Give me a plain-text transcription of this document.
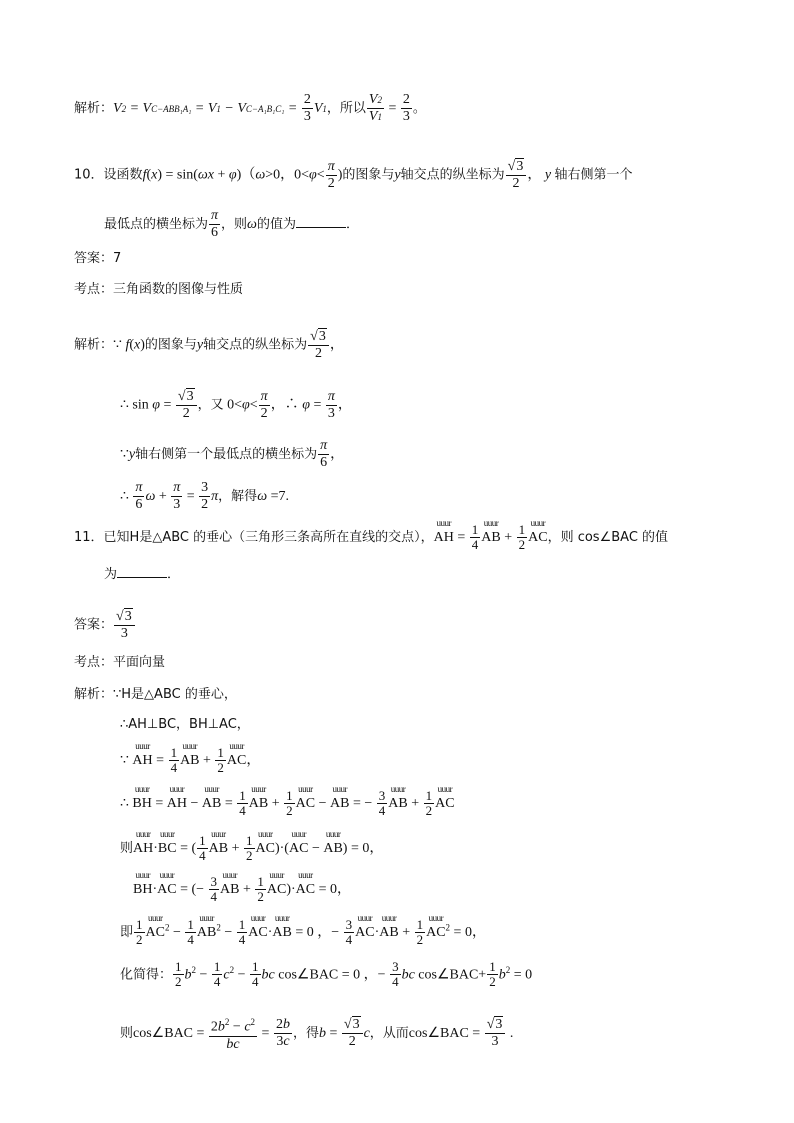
解析：$V2 = VC-ABB_1A_1 = V1 - VC-A_1B_1C_1 = \frac{2}{3} V1$，所以 $\frac{V2}{V1} = \frac{2}{3}$ 。
10．设函数f(x) = sin(ωx + φ)（ω>0，$0<\varphi< \frac{\pi}{2}$ )的图象与y轴交点的纵坐标为 $\frac{√3}{2}$ ， y 轴右侧第一个
最低点的横坐标为 $\frac{\pi}{6}$ ，则ω的值为	．
答案：7
考点：三角函数的图像与性质
解析：∵ f(x)的图象与y轴交点的纵坐标为 $\frac{√3}{2}$ ，
∴ $\sin \varphi = \frac{√3}{2}$ ，又 $0<\varphi< \frac{\pi}{2}$ ，∴ $\varphi = \frac{\pi}{3}$ ，
∵y轴右侧第一个最低点的横坐标为 $\frac{\pi}{6}$ ，
∴ $\frac{\pi}{6}$ $\omega + \frac{\pi}{3} = \frac{3}{2}$ π，解得ω =7.
11．已知H是△ABC 的垂心（三角形三条高所在直线的交点），
uuur
AH = $\frac{1}{4}$ uuur
AB + $\frac{1}{2}$ uuur
AC，则 cos∠BAC 的值
为	．
答案： $\frac{√3}{3}$
考点：平面向量
解析：∵H是△ABC 的垂心，
∴AH⊥BC，BH⊥AC，
∵
uuur
AH = $\frac{1}{4}$ uuur
AB + $\frac{1}{2}$ uuur
AC，
∴
uuur
BH =
uuur
AH −
uuur
AB = $\frac{1}{4}$ uuur
AB + $\frac{1}{2}$ uuur
AC −
uuur
AB = − $\frac{3}{4}$ uuur
AB + $\frac{1}{2}$ uuur
AC
则
uuur
AH·
uuur
BC = ( $\frac{1}{4}$ uuur
AB + $\frac{1}{2}$ uuur
AC)·(
uuur
AC −
uuur
AB) = 0，
uuur
BH·
uuur
AC = (− $\frac{3}{4}$ uuur
AB + $\frac{1}{2}$ uuur
AC)·
uuur
AC = 0，
即 $\frac{1}{2}$ uuur
$AC^2 - \frac{1}{4}$ uuur
$AB^2 - \frac{1}{4}$ uuur
AC·
uuur
AB = 0 ，− $\frac{3}{4}$ uuur
AC·
uuur
AB + $\frac{1}{2}$ uuur
$AC^2 = 0$，
化简得： $\frac{1}{2} b^2 - \frac{1}{4} c^2 - \frac{1}{4}$ bc cos∠BAC = 0 ，− $\frac{3}{4}$ bc cos∠BAC+ $\frac{1}{2} b^2 = 0$
则cos∠BAC = $\frac{2b^2 - c^2}{bc} = \frac{2b}{3c}$ ，得$b = \frac{√3}{2}$ c，从而cos∠BAC = $\frac{√3}{3}$ .
